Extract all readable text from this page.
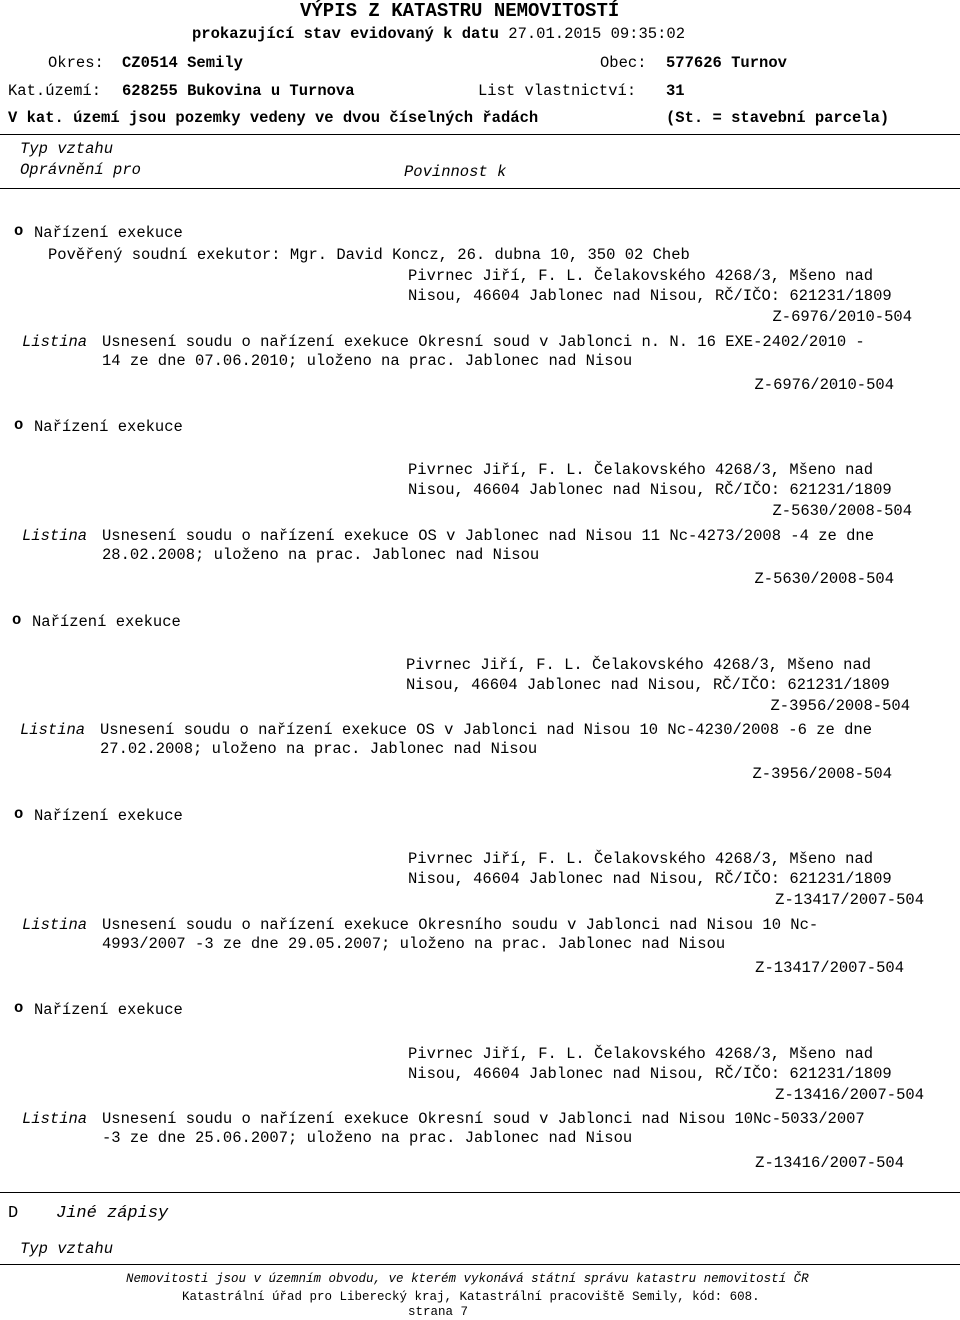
VÝPIS Z KATASTRU NEMOVITOSTÍ
prokazující stav evidovaný k datu 27.01.2015 09:35:02
Okres: CZ0514 Semily	Obec: 577626 Turnov
Kat.území: 628255 Bukovina u Turnova	List vlastnictví: 31
V kat. území jsou pozemky vedeny ve dvou číselných řadách	(St. = stavební parcela)
Typ vztahu
Oprávnění pro	Povinnost k
o Nařízení exekuce
Pověřený soudní exekutor: Mgr. David Koncz, 26. dubna 10, 350 02 Cheb
Pivrnec Jiří, F. L. Čelakovského 4268/3, Mšeno nad
Nisou, 46604 Jablonec nad Nisou, RČ/IČO: 621231/1809
Z-6976/2010-504
Listina Usnesení soudu o nařízení exekuce Okresní soud v Jablonci n. N. 16 EXE-2402/2010 -
14 ze dne 07.06.2010; uloženo na prac. Jablonec nad Nisou
Z-6976/2010-504
o Nařízení exekuce
Pivrnec Jiří, F. L. Čelakovského 4268/3, Mšeno nad
Nisou, 46604 Jablonec nad Nisou, RČ/IČO: 621231/1809
Z-5630/2008-504
Listina Usnesení soudu o nařízení exekuce OS v Jablonec nad Nisou 11 Nc-4273/2008 -4 ze dne
28.02.2008; uloženo na prac. Jablonec nad Nisou
Z-5630/2008-504
o Nařízení exekuce
Pivrnec Jiří, F. L. Čelakovského 4268/3, Mšeno nad
Nisou, 46604 Jablonec nad Nisou, RČ/IČO: 621231/1809
Z-3956/2008-504
Listina Usnesení soudu o nařízení exekuce OS v Jablonci nad Nisou 10 Nc-4230/2008 -6 ze dne
27.02.2008; uloženo na prac. Jablonec nad Nisou
Z-3956/2008-504
o Nařízení exekuce
Pivrnec Jiří, F. L. Čelakovského 4268/3, Mšeno nad
Nisou, 46604 Jablonec nad Nisou, RČ/IČO: 621231/1809
Z-13417/2007-504
Listina Usnesení soudu o nařízení exekuce Okresního soudu v Jablonci nad Nisou 10 Nc-
4993/2007 -3 ze dne 29.05.2007; uloženo na prac. Jablonec nad Nisou
Z-13417/2007-504
o Nařízení exekuce
Pivrnec Jiří, F. L. Čelakovského 4268/3, Mšeno nad
Nisou, 46604 Jablonec nad Nisou, RČ/IČO: 621231/1809
Z-13416/2007-504
Listina Usnesení soudu o nařízení exekuce Okresní soud v Jablonci nad Nisou 10Nc-5033/2007
-3 ze dne 25.06.2007; uloženo na prac. Jablonec nad Nisou
Z-13416/2007-504
D Jiné zápisy
Typ vztahu
Nemovitosti jsou v územním obvodu, ve kterém vykonává státní správu katastru nemovitostí ČR
Katastrální úřad pro Liberecký kraj, Katastrální pracoviště Semily, kód: 608.
strana 7
